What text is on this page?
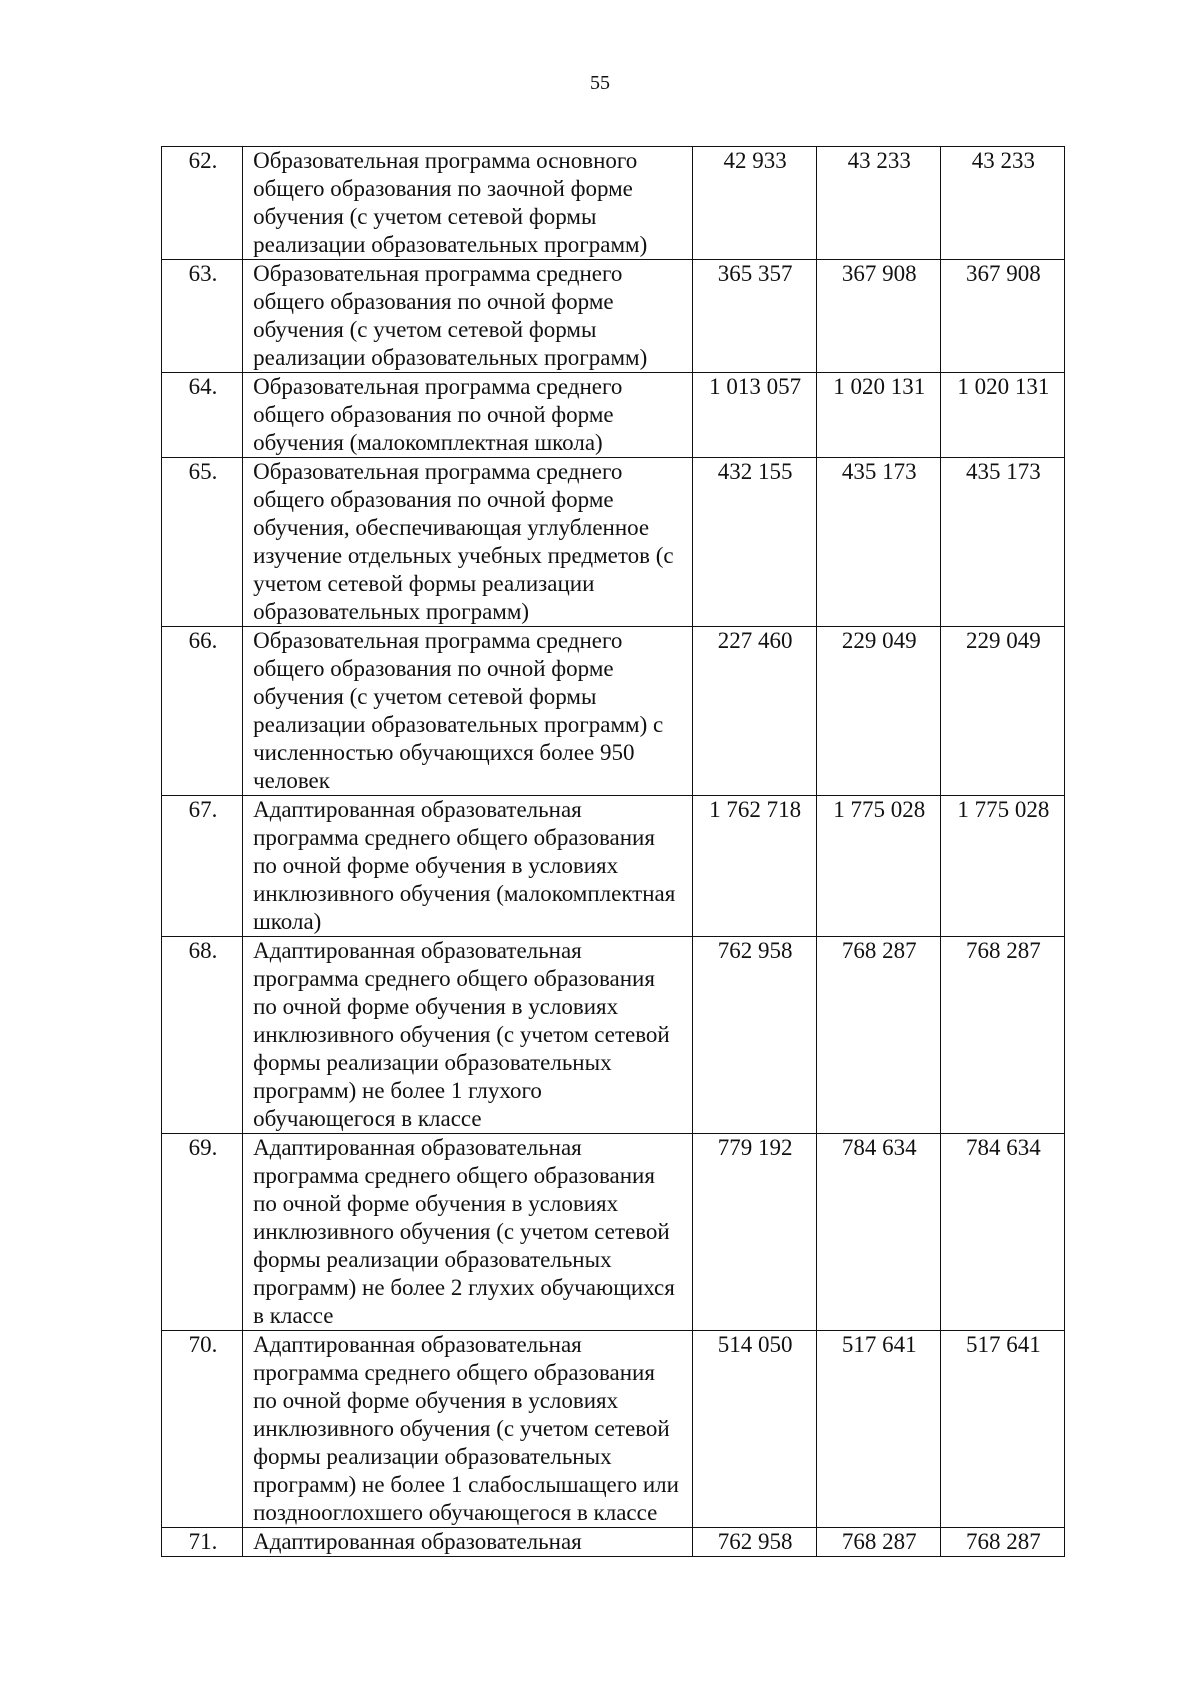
55
62.	Образовательная программа основного общего образования по заочной форме обучения (с учетом сетевой формы реализации образовательных программ)	42 933	43 233	43 233
63.	Образовательная программа среднего общего образования по очной форме обучения (с учетом сетевой формы реализации образовательных программ)	365 357	367 908	367 908
64.	Образовательная программа среднего общего образования по очной форме обучения (малокомплектная школа)	1 013 057	1 020 131	1 020 131
65.	Образовательная программа среднего общего образования по очной форме обучения, обеспечивающая углубленное изучение отдельных учебных предметов (с учетом сетевой формы реализации образовательных программ)	432 155	435 173	435 173
66.	Образовательная программа среднего общего образования по очной форме обучения (с учетом сетевой формы реализации образовательных программ) с численностью обучающихся более 950 человек	227 460	229 049	229 049
67.	Адаптированная образовательная программа среднего общего образования по очной форме обучения в условиях инклюзивного обучения (малокомплектная школа)	1 762 718	1 775 028	1 775 028
68.	Адаптированная образовательная программа среднего общего образования по очной форме обучения в условиях инклюзивного обучения (с учетом сетевой формы реализации образовательных программ) не более 1 глухого обучающегося в классе	762 958	768 287	768 287
69.	Адаптированная образовательная программа среднего общего образования по очной форме обучения в условиях инклюзивного обучения (с учетом сетевой формы реализации образовательных программ) не более 2 глухих обучающихся в классе	779 192	784 634	784 634
70.	Адаптированная образовательная программа среднего общего образования по очной форме обучения в условиях инклюзивного обучения (с учетом сетевой формы реализации образовательных программ) не более 1 слабослышащего или позднооглохшего обучающегося в классе	514 050	517 641	517 641
71.	Адаптированная образовательная	762 958	768 287	768 287
